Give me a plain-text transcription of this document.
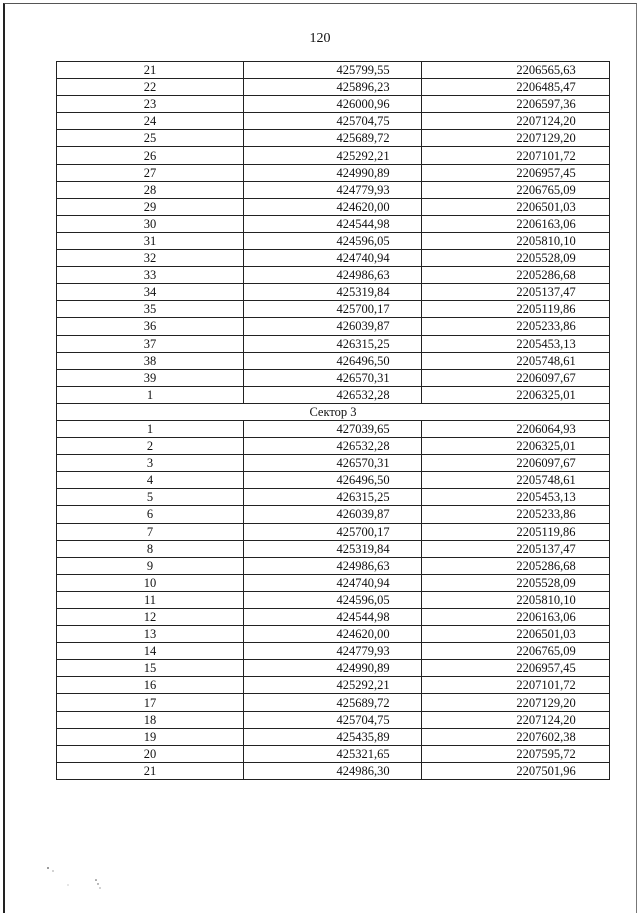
120
21	425799,55	2206565,63
22	425896,23	2206485,47
23	426000,96	2206597,36
24	425704,75	2207124,20
25	425689,72	2207129,20
26	425292,21	2207101,72
27	424990,89	2206957,45
28	424779,93	2206765,09
29	424620,00	2206501,03
30	424544,98	2206163,06
31	424596,05	2205810,10
32	424740,94	2205528,09
33	424986,63	2205286,68
34	425319,84	2205137,47
35	425700,17	2205119,86
36	426039,87	2205233,86
37	426315,25	2205453,13
38	426496,50	2205748,61
39	426570,31	2206097,67
1	426532,28	2206325,01
Сектор 3		
1	427039,65	2206064,93
2	426532,28	2206325,01
3	426570,31	2206097,67
4	426496,50	2205748,61
5	426315,25	2205453,13
6	426039,87	2205233,86
7	425700,17	2205119,86
8	425319,84	2205137,47
9	424986,63	2205286,68
10	424740,94	2205528,09
11	424596,05	2205810,10
12	424544,98	2206163,06
13	424620,00	2206501,03
14	424779,93	2206765,09
15	424990,89	2206957,45
16	425292,21	2207101,72
17	425689,72	2207129,20
18	425704,75	2207124,20
19	425435,89	2207602,38
20	425321,65	2207595,72
21	424986,30	2207501,96
